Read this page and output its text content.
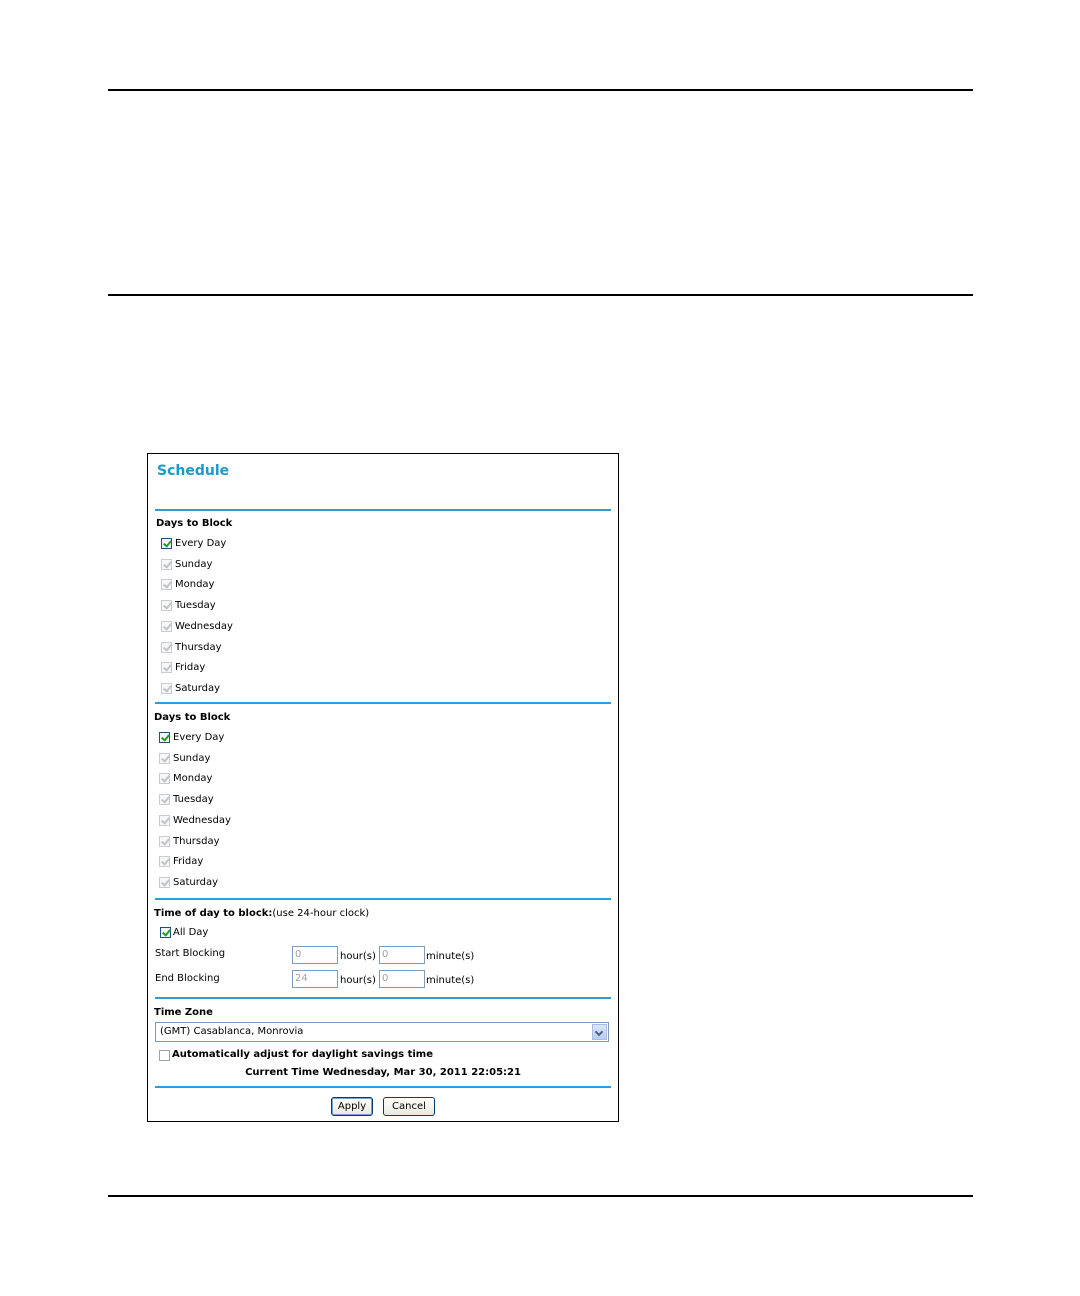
Schedule
Days to Block
Every Day
Sunday
Monday
Tuesday
Wednesday
Thursday
Friday
Saturday
Days to Block
Every Day
Sunday
Monday
Tuesday
Wednesday
Thursday
Friday
Saturday
Time of day to block:(use 24-hour clock)
All Day
Start Blocking	0	hour(s) 0	minute(s)
End Blocking	24	hour(s) 0	minute(s)
Time Zone
(GMT) Casablanca, Monrovia
Automatically adjust for daylight savings time
Current Time Wednesday, Mar 30, 2011 22:05:21
Apply	Cancel
